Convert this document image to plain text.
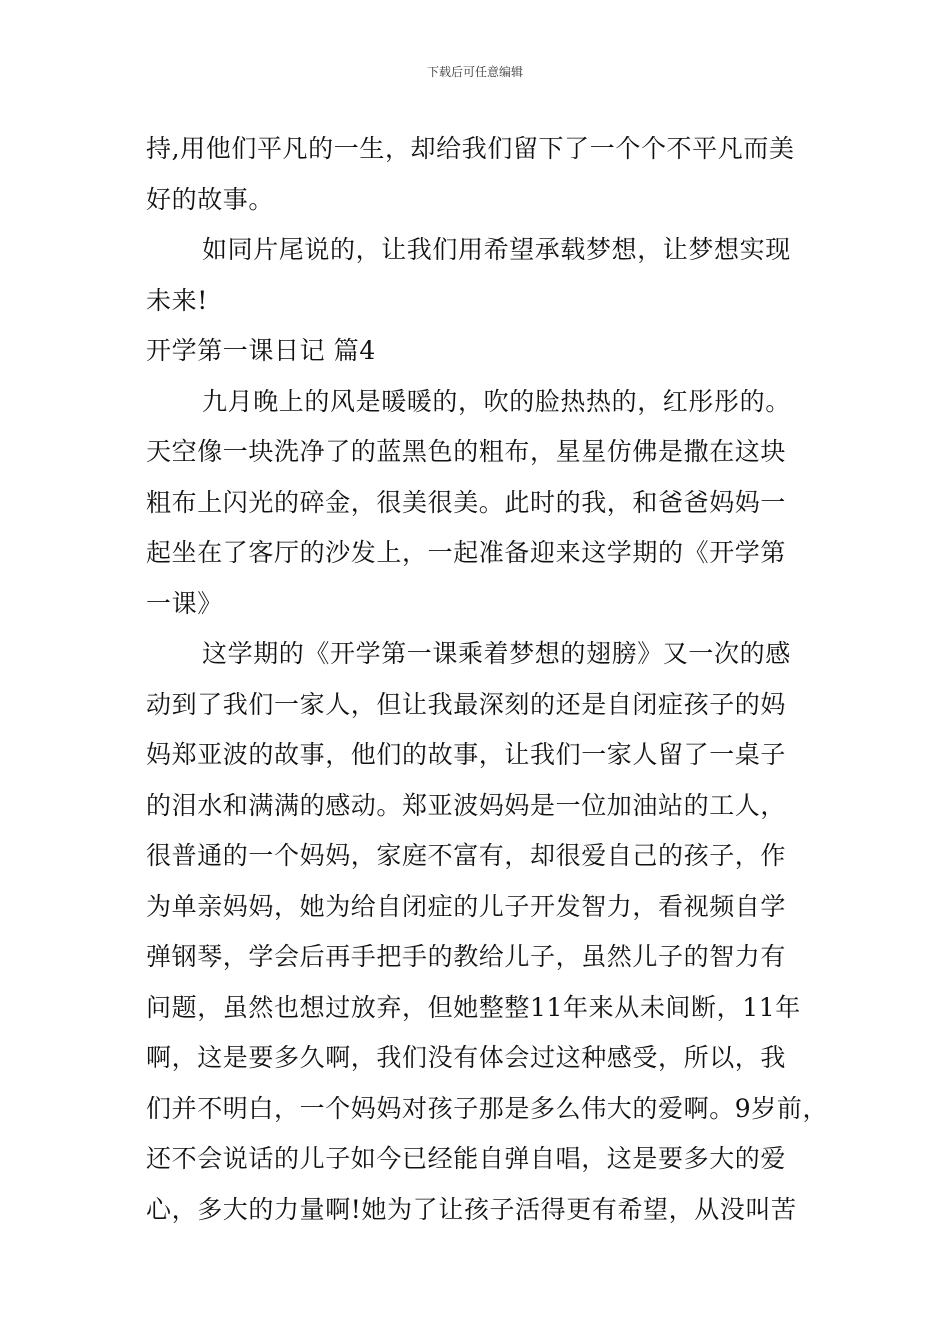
下载后可任意编辑
持,用他们平凡的一生，却给我们留下了一个个不平凡而美
好的故事。
如同片尾说的，让我们用希望承载梦想，让梦想实现
未来!
开学第一课日记 篇4
九月晚上的风是暖暖的，吹的脸热热的，红彤彤的。
天空像一块洗净了的蓝黑色的粗布，星星仿佛是撒在这块
粗布上闪光的碎金，很美很美。此时的我，和爸爸妈妈一
起坐在了客厅的沙发上，一起准备迎来这学期的《开学第
一课》
这学期的《开学第一课乘着梦想的翅膀》又一次的感
动到了我们一家人，但让我最深刻的还是自闭症孩子的妈
妈郑亚波的故事，他们的故事，让我们一家人留了一桌子
的泪水和满满的感动。郑亚波妈妈是一位加油站的工人，
很普通的一个妈妈，家庭不富有，却很爱自己的孩子，作
为单亲妈妈，她为给自闭症的儿子开发智力，看视频自学
弹钢琴，学会后再手把手的教给儿子，虽然儿子的智力有
问题，虽然也想过放弃，但她整整11年来从未间断，11年
啊，这是要多久啊，我们没有体会过这种感受，所以，我
们并不明白，一个妈妈对孩子那是多么伟大的爱啊。9岁前，
还不会说话的儿子如今已经能自弹自唱，这是要多大的爱
心，多大的力量啊!她为了让孩子活得更有希望，从没叫苦
